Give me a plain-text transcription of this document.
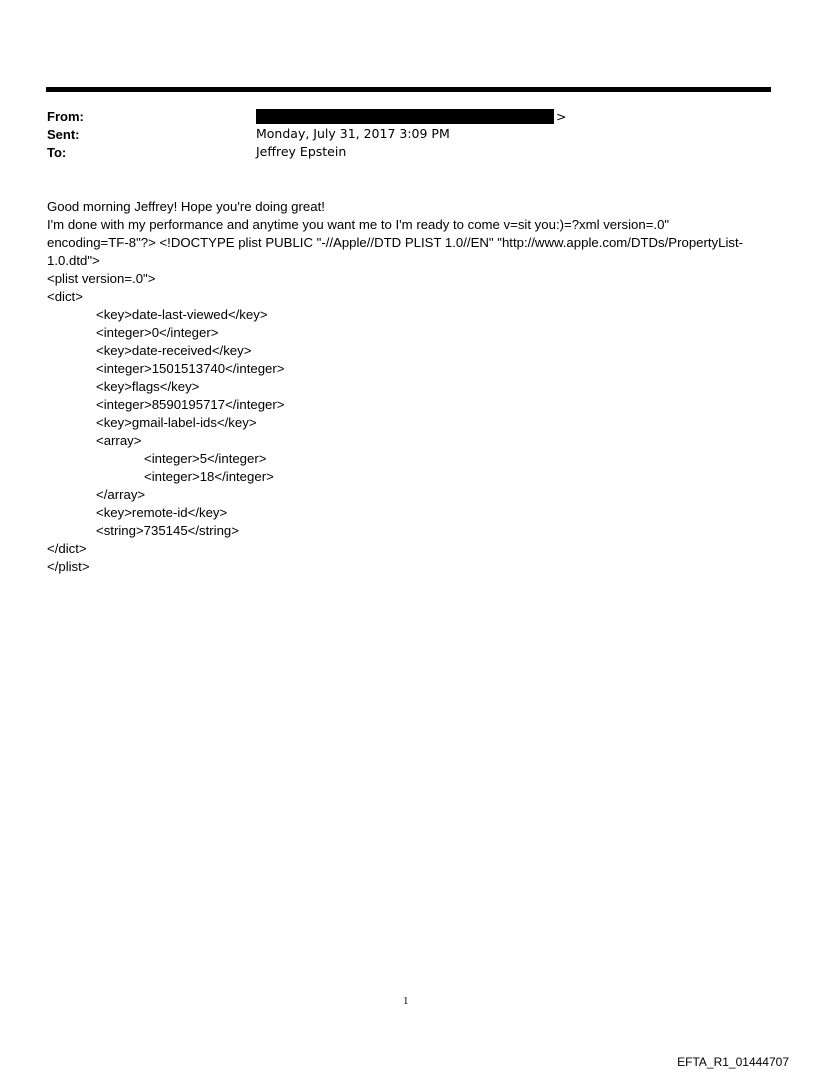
From:	>
Sent:	Monday, July 31, 2017 3:09 PM
To:	Jeffrey Epstein
Good morning Jeffrey! Hope you're doing great!
I'm done with my performance and anytime you want me to I'm ready to come v=sit you:)=?xml version=.0"
encoding=TF-8"?> <!DOCTYPE plist PUBLIC "-//Apple//DTD PLIST 1.0//EN" "http://www.apple.com/DTDs/PropertyList-
1.0.dtd">
<plist version=.0">
<dict>
<key>date-last-viewed</key>
<integer>0</integer>
<key>date-received</key>
<integer>1501513740</integer>
<key>flags</key>
<integer>8590195717</integer>
<key>gmail-label-ids</key>
<array>
<integer>5</integer>
<integer>18</integer>
</array>
<key>remote-id</key>
<string>735145</string>
</dict>
</plist>
1
EFTA_R1_01444707
